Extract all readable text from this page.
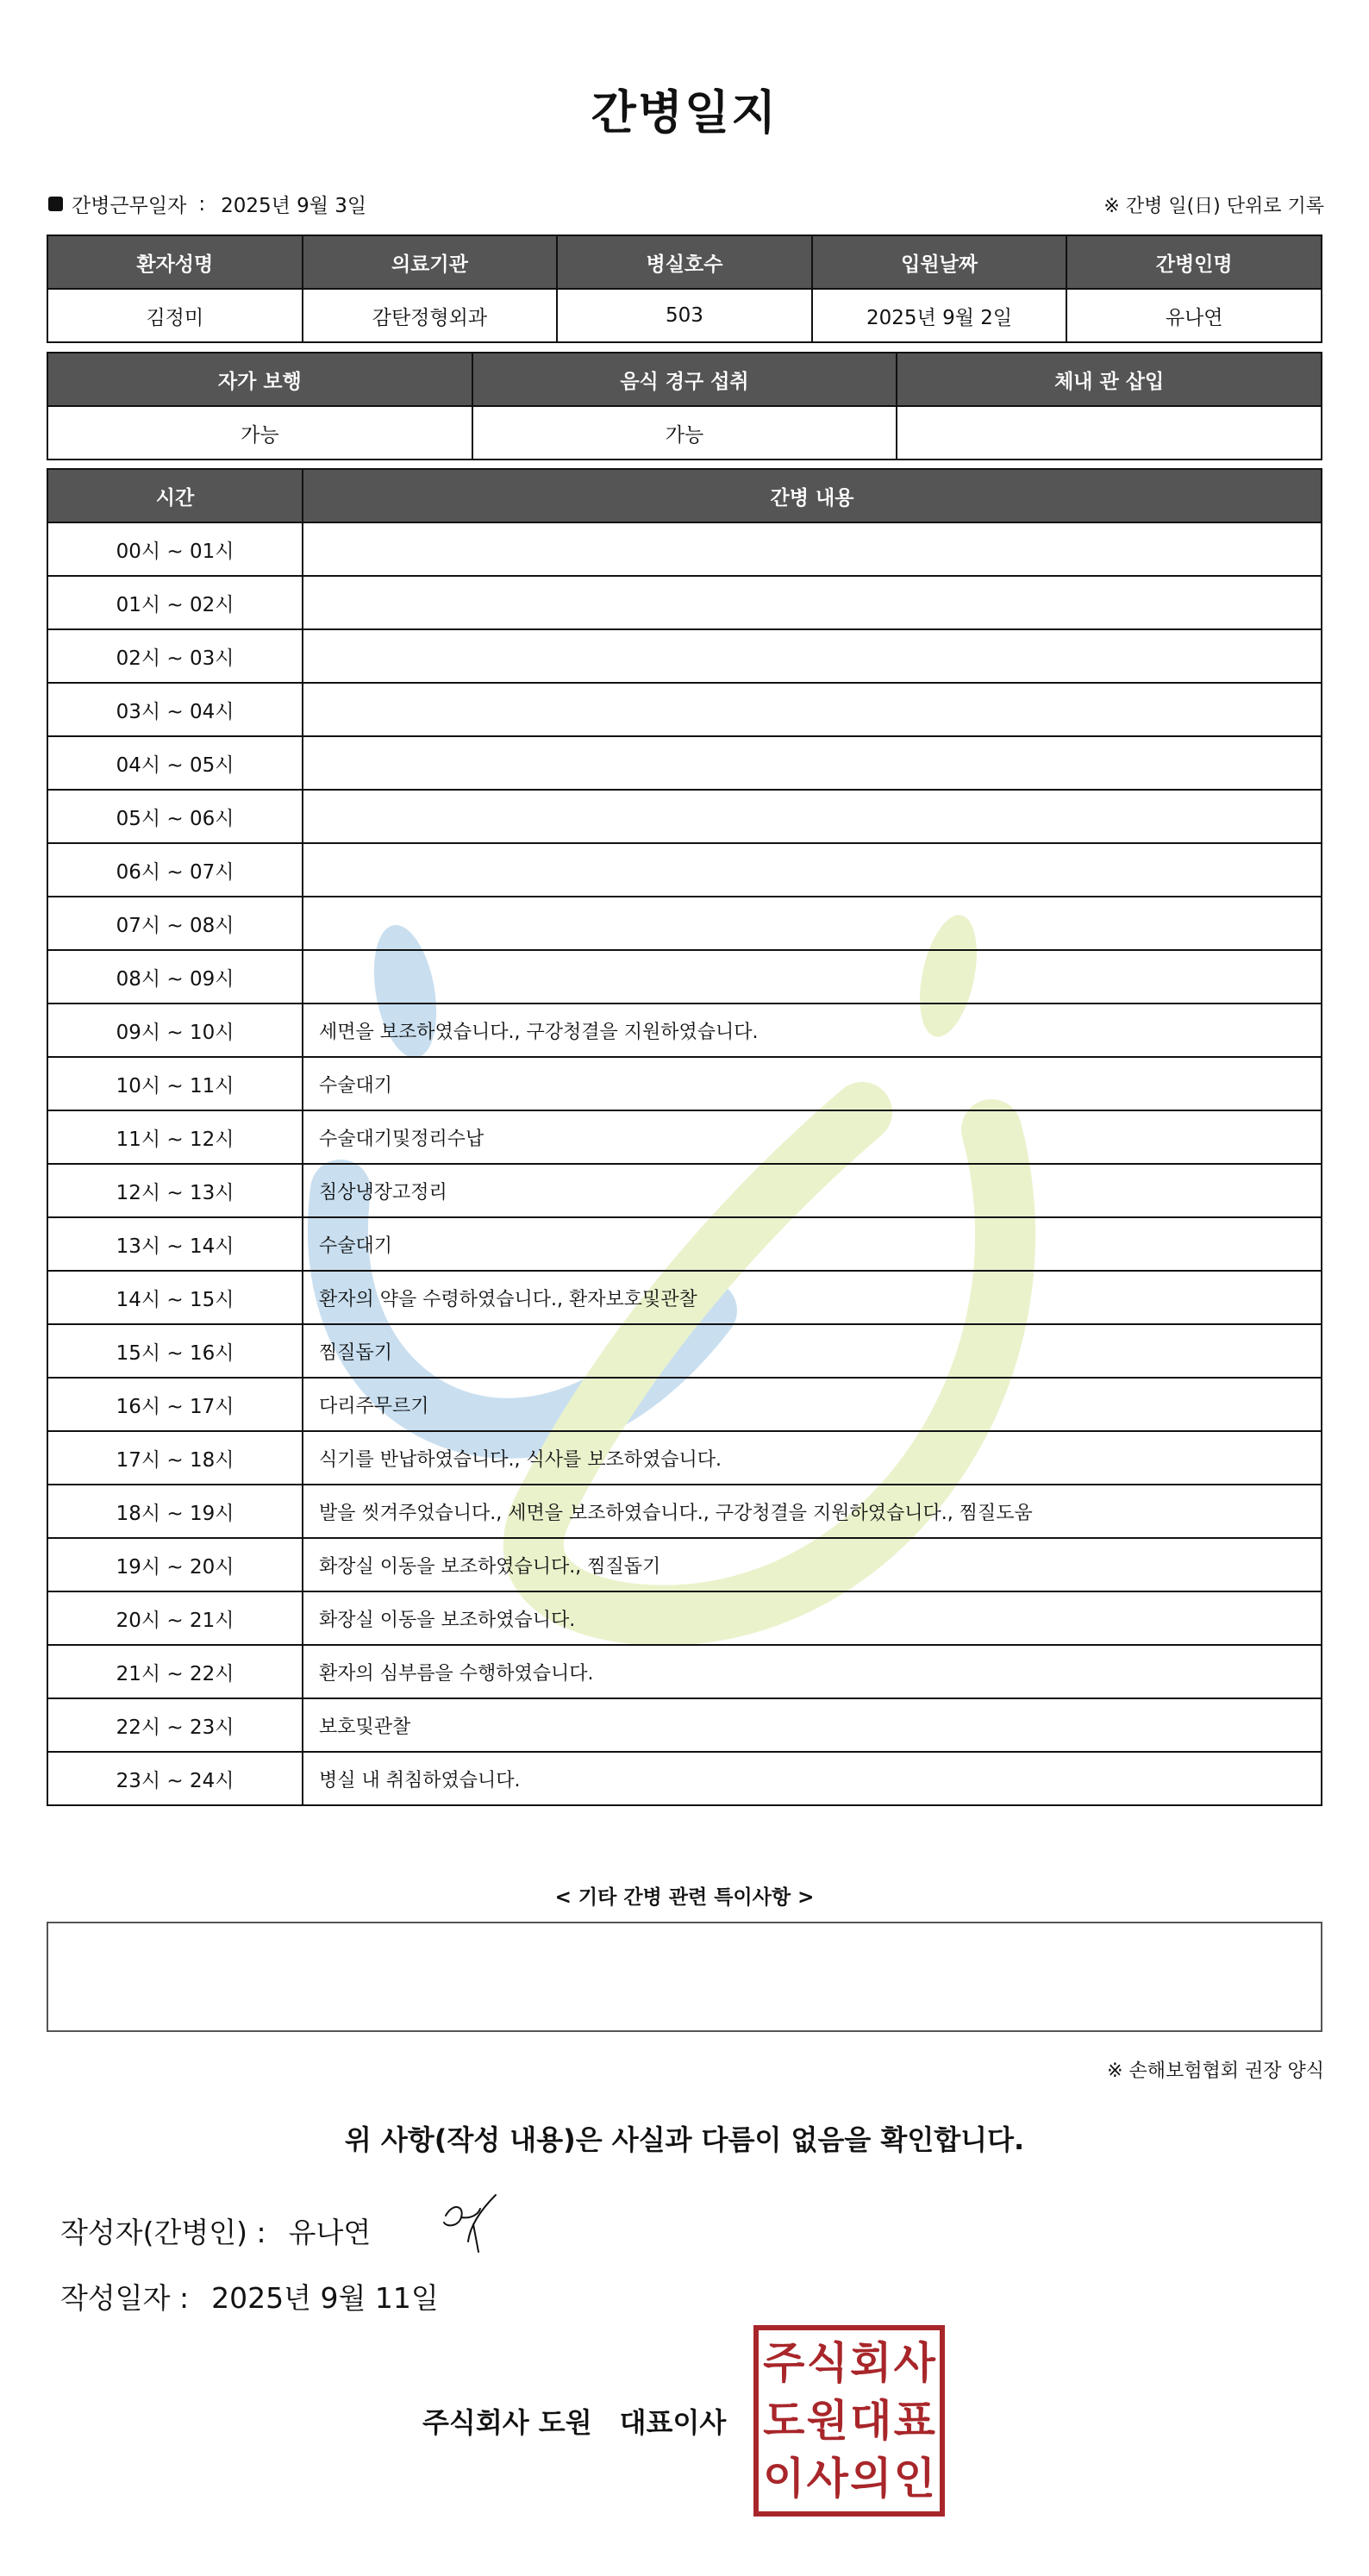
간병일지
간병근무일자 : 2025년 9월 3일	※ 간병 일(日) 단위로 기록
환자성명	의료기관	병실호수	입원날짜	간병인명
김정미	감탄정형외과	503	2025년 9월 2일	유나연
자가 보행	음식 경구 섭취	체내 관 삽입
가능	가능	
시간	간병 내용
00시 ~ 01시	
01시 ~ 02시	
02시 ~ 03시	
03시 ~ 04시	
04시 ~ 05시	
05시 ~ 06시	
06시 ~ 07시	
07시 ~ 08시	
08시 ~ 09시	
09시 ~ 10시	세면을 보조하였습니다., 구강청결을 지원하였습니다.
10시 ~ 11시	수술대기
11시 ~ 12시	수술대기및정리수납
12시 ~ 13시	침상냉장고정리
13시 ~ 14시	수술대기
14시 ~ 15시	환자의 약을 수령하였습니다., 환자보호및관찰
15시 ~ 16시	찜질돕기
16시 ~ 17시	다리주무르기
17시 ~ 18시	식기를 반납하였습니다., 식사를 보조하였습니다.
18시 ~ 19시	발을 씻겨주었습니다., 세면을 보조하였습니다., 구강청결을 지원하였습니다., 찜질도움
19시 ~ 20시	화장실 이동을 보조하였습니다., 찜질돕기
20시 ~ 21시	화장실 이동을 보조하였습니다.
21시 ~ 22시	환자의 심부름을 수행하였습니다.
22시 ~ 23시	보호및관찰
23시 ~ 24시	병실 내 취침하였습니다.
< 기타 간병 관련 특이사항 >
※ 손해보험협회 권장 양식
위 사항(작성 내용)은 사실과 다름이 없음을 확인합니다.
작성자(간병인) : 유나연
작성일자 : 2025년 9월 11일
주식회사 도원 대표이사
주 식 회 사
도 원 대 표
이 사 의 인
